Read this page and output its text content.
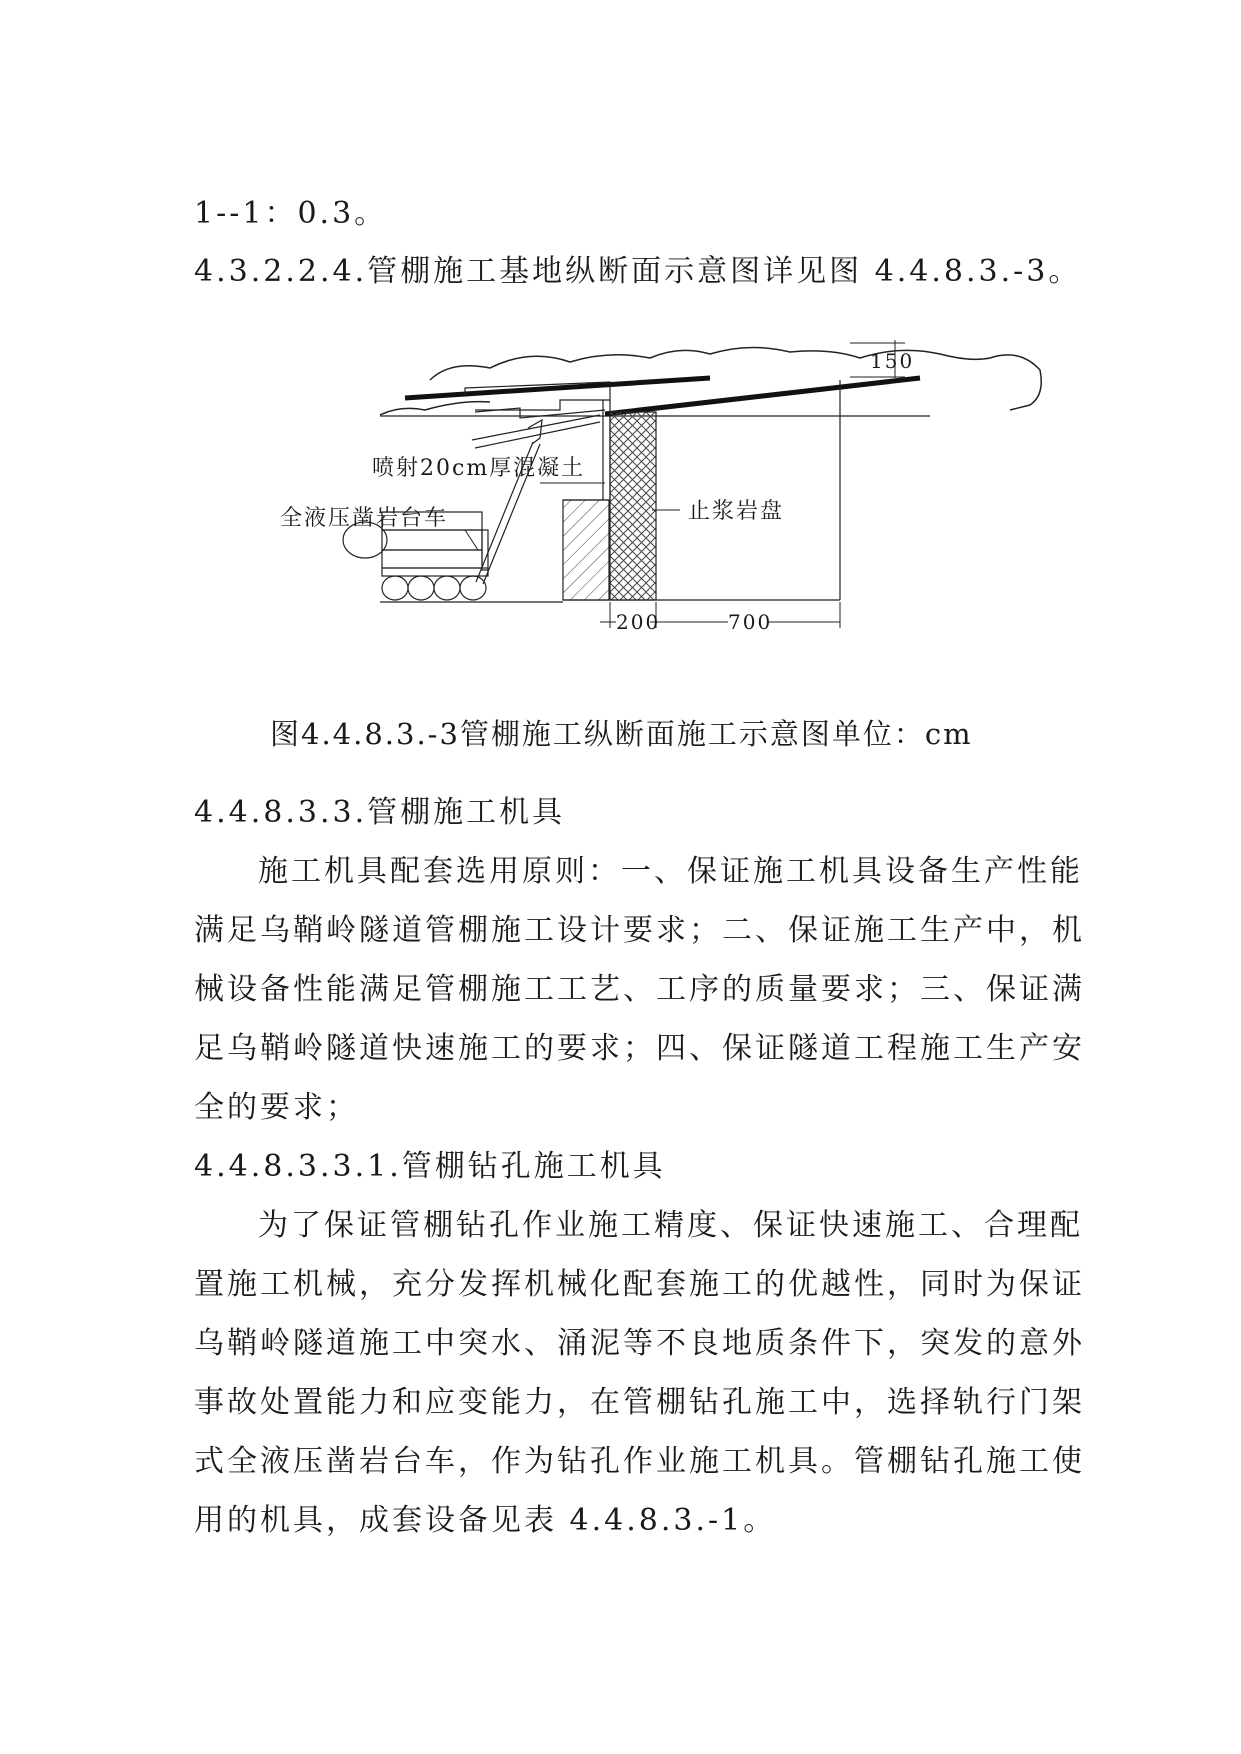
1--1：0.3。
4.3.2.2.4.管棚施工基地纵断面示意图详见图 4.4.8.3.-3。
150
喷射20cm厚混凝土
全液压凿岩台车	止浆岩盘
200	700
图4.4.8.3.-3管棚施工纵断面施工示意图单位：cm
4.4.8.3.3.管棚施工机具
施工机具配套选用原则：一、保证施工机具设备生产性能
满足乌鞘岭隧道管棚施工设计要求；二、保证施工生产中，机
械设备性能满足管棚施工工艺、工序的质量要求；三、保证满
足乌鞘岭隧道快速施工的要求；四、保证隧道工程施工生产安
全的要求；
4.4.8.3.3.1.管棚钻孔施工机具
为了保证管棚钻孔作业施工精度、保证快速施工、合理配
置施工机械，充分发挥机械化配套施工的优越性，同时为保证
乌鞘岭隧道施工中突水、涌泥等不良地质条件下，突发的意外
事故处置能力和应变能力，在管棚钻孔施工中，选择轨行门架
式全液压凿岩台车，作为钻孔作业施工机具。管棚钻孔施工使
用的机具，成套设备见表 4.4.8.3.-1。
